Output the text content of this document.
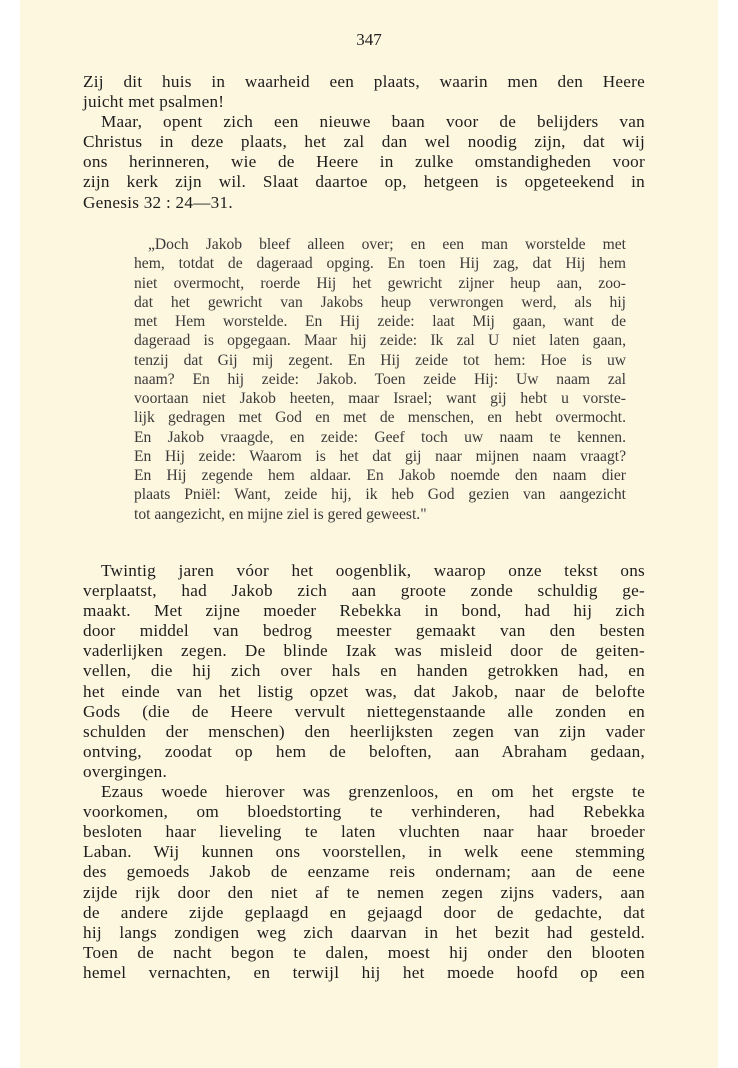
347
Zij dit huis in waarheid een plaats, waarin men den Heere
juicht met psalmen!
Maar, opent zich een nieuwe baan voor de belijders van
Christus in deze plaats, het zal dan wel noodig zijn, dat wij
ons herinneren, wie de Heere in zulke omstandigheden voor
zijn kerk zijn wil. Slaat daartoe op, hetgeen is opgeteekend in
Genesis 32 : 24—31.
„Doch Jakob bleef alleen over; en een man worstelde met
hem, totdat de dageraad opging. En toen Hij zag, dat Hij hem
niet overmocht, roerde Hij het gewricht zijner heup aan, zoo-
dat het gewricht van Jakobs heup verwrongen werd, als hij
met Hem worstelde. En Hij zeide: laat Mij gaan, want de
dageraad is opgegaan. Maar hij zeide: Ik zal U niet laten gaan,
tenzij dat Gij mij zegent. En Hij zeide tot hem: Hoe is uw
naam? En hij zeide: Jakob. Toen zeide Hij: Uw naam zal
voortaan niet Jakob heeten, maar Israel; want gij hebt u vorste-
lijk gedragen met God en met de menschen, en hebt overmocht.
En Jakob vraagde, en zeide: Geef toch uw naam te kennen.
En Hij zeide: Waarom is het dat gij naar mijnen naam vraagt?
En Hij zegende hem aldaar. En Jakob noemde den naam dier
plaats Pniël: Want, zeide hij, ik heb God gezien van aangezicht
tot aangezicht, en mijne ziel is gered geweest."
Twintig jaren vóor het oogenblik, waarop onze tekst ons
verplaatst, had Jakob zich aan groote zonde schuldig ge-
maakt. Met zijne moeder Rebekka in bond, had hij zich
door middel van bedrog meester gemaakt van den besten
vaderlijken zegen. De blinde Izak was misleid door de geiten-
vellen, die hij zich over hals en handen getrokken had, en
het einde van het listig opzet was, dat Jakob, naar de belofte
Gods (die de Heere vervult niettegenstaande alle zonden en
schulden der menschen) den heerlijksten zegen van zijn vader
ontving, zoodat op hem de beloften, aan Abraham gedaan,
overgingen.
Ezaus woede hierover was grenzenloos, en om het ergste te
voorkomen, om bloedstorting te verhinderen, had Rebekka
besloten haar lieveling te laten vluchten naar haar broeder
Laban. Wij kunnen ons voorstellen, in welk eene stemming
des gemoeds Jakob de eenzame reis ondernam; aan de eene
zijde rijk door den niet af te nemen zegen zijns vaders, aan
de andere zijde geplaagd en gejaagd door de gedachte, dat
hij langs zondigen weg zich daarvan in het bezit had gesteld.
Toen de nacht begon te dalen, moest hij onder den blooten
hemel vernachten, en terwijl hij het moede hoofd op een
